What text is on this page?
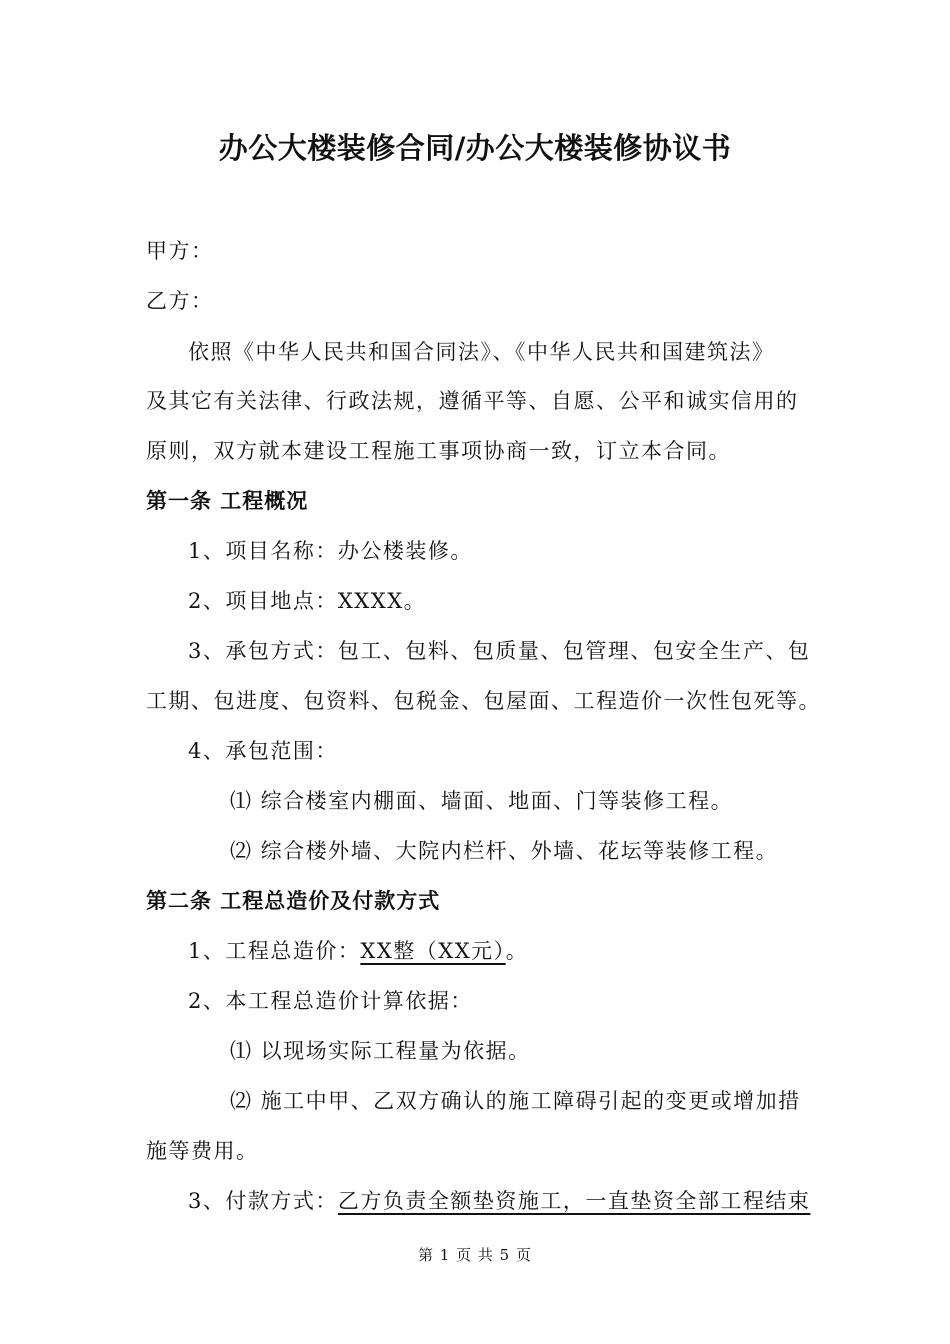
办公大楼装修合同/办公大楼装修协议书
甲方：
乙方：
依照《中华人民共和国合同法》、《中华人民共和国建筑法》
及其它有关法律、行政法规，遵循平等、自愿、公平和诚实信用的
原则，双方就本建设工程施工事项协商一致，订立本合同。
第一条 工程概况
1、项目名称：办公楼装修。
2、项目地点：XXXX。
3、承包方式：包工、包料、包质量、包管理、包安全生产、包
工期、包进度、包资料、包税金、包屋面、工程造价一次性包死等。
4、承包范围：
⑴ 综合楼室内棚面、墙面、地面、门等装修工程。
⑵ 综合楼外墙、大院内栏杆、外墙、花坛等装修工程。
第二条 工程总造价及付款方式
1、工程总造价：XX整（XX元）。
2、本工程总造价计算依据：
⑴ 以现场实际工程量为依据。
⑵ 施工中甲、乙双方确认的施工障碍引起的变更或增加措
施等费用。
3、付款方式：乙方负责全额垫资施工，一直垫资全部工程结束
第 1 页 共 5 页
